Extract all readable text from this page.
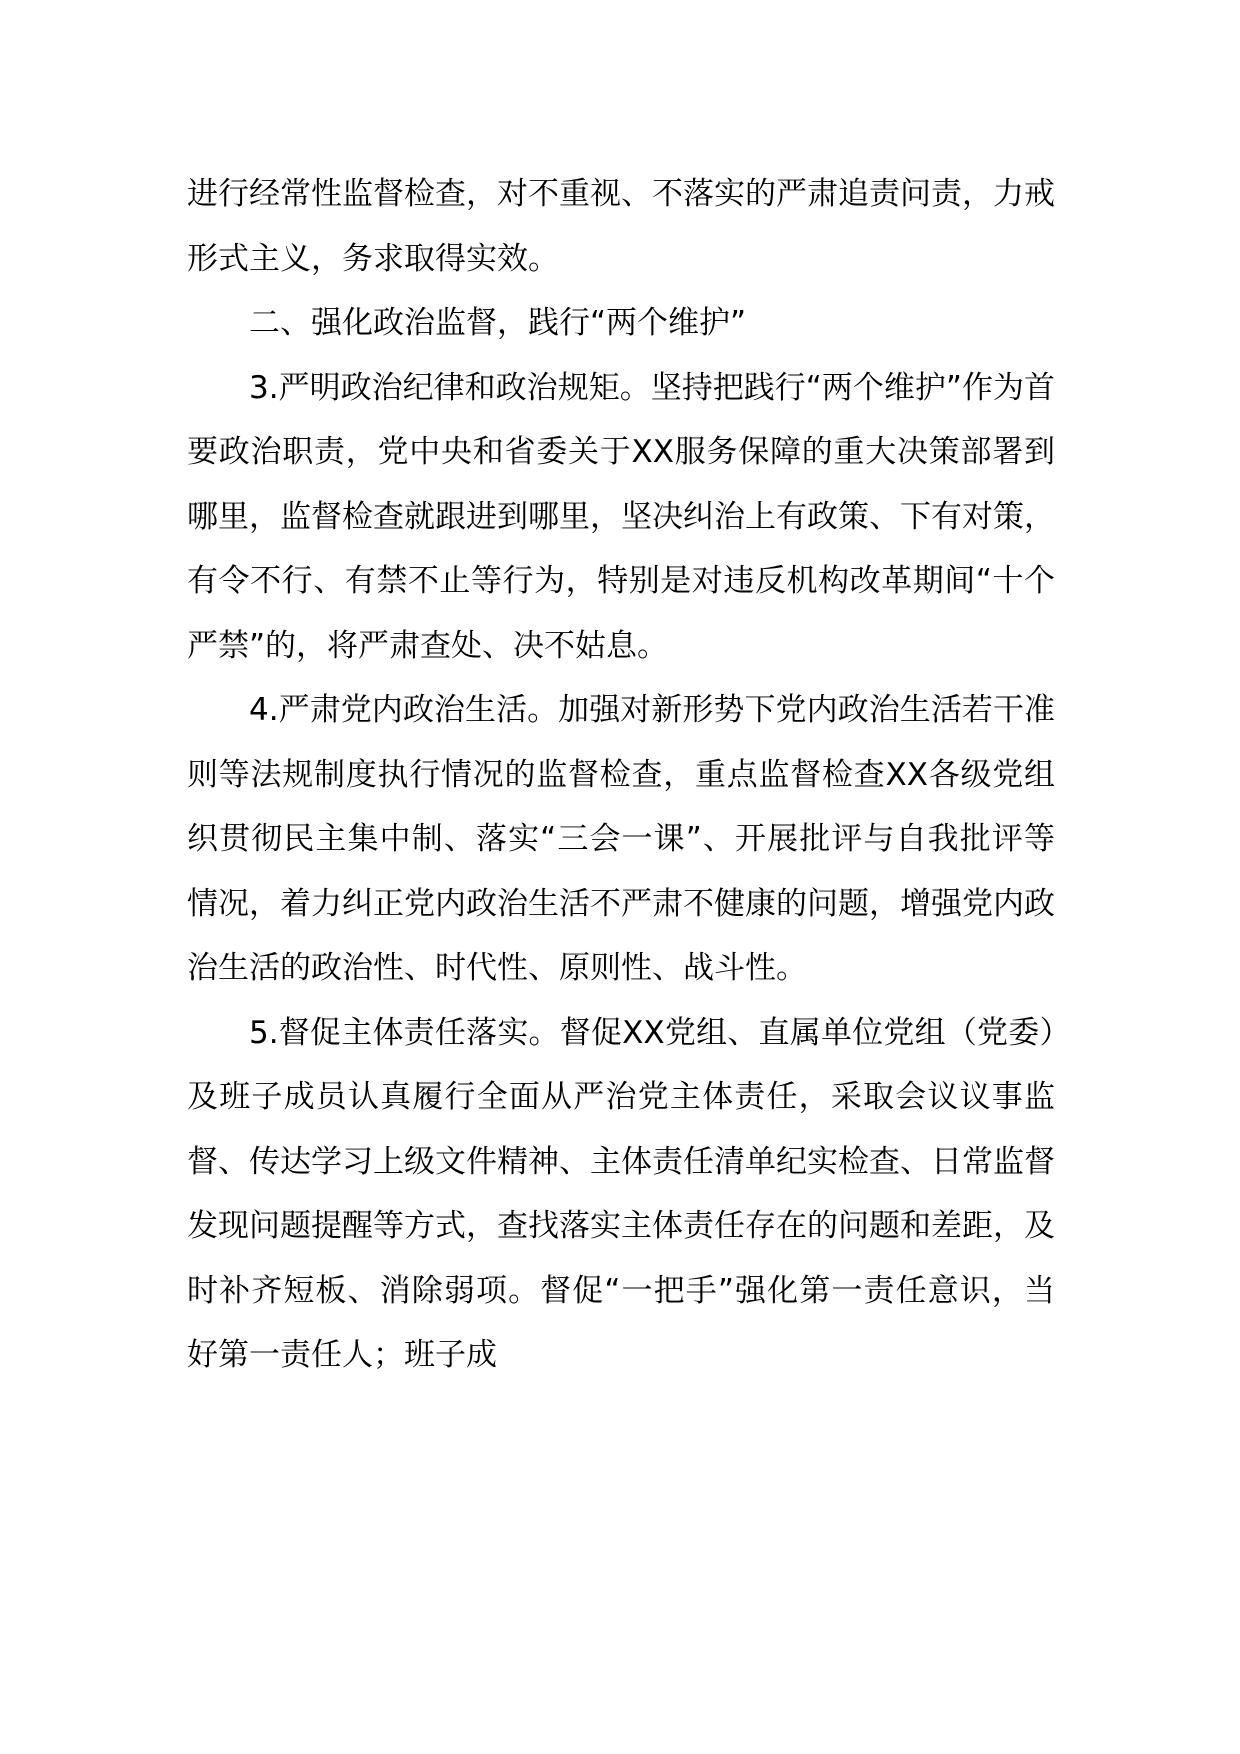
进行经常性监督检查，对不重视、不落实的严肃追责问责，力戒形式主义，务求取得实效。

二、强化政治监督，践行“两个维护”

3.严明政治纪律和政治规矩。坚持把践行“两个维护”作为首要政治职责，党中央和省委关于XX服务保障的重大决策部署到哪里，监督检查就跟进到哪里，坚决纠治上有政策、下有对策，有令不行、有禁不止等行为，特别是对违反机构改革期间“十个严禁”的，将严肃查处、决不姑息。

4.严肃党内政治生活。加强对新形势下党内政治生活若干准则等法规制度执行情况的监督检查，重点监督检查XX各级党组织贯彻民主集中制、落实“三会一课”、开展批评与自我批评等情况，着力纠正党内政治生活不严肃不健康的问题，增强党内政治生活的政治性、时代性、原则性、战斗性。

5.督促主体责任落实。督促XX党组、直属单位党组（党委）及班子成员认真履行全面从严治党主体责任，采取会议议事监督、传达学习上级文件精神、主体责任清单纪实检查、日常监督发现问题提醒等方式，查找落实主体责任存在的问题和差距，及时补齐短板、消除弱项。督促“一把手”强化第一责任意识，当好第一责任人；班子成
